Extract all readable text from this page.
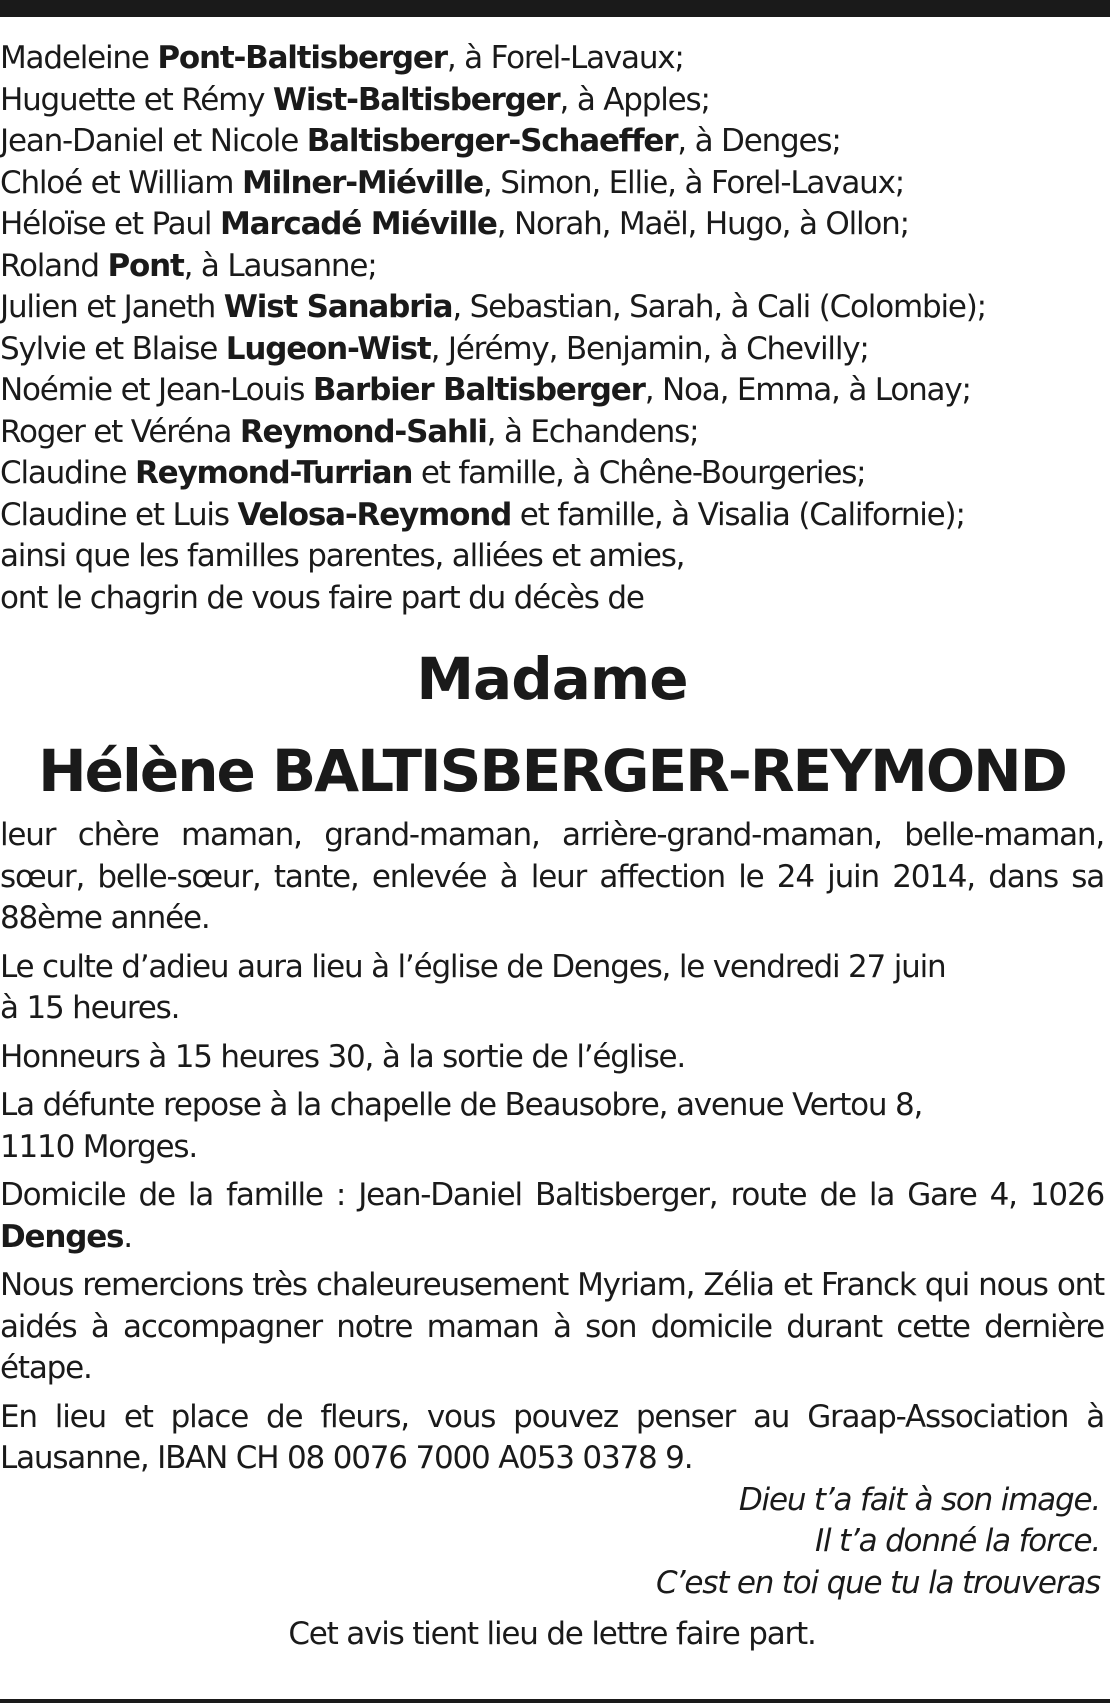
Madeleine Pont-Baltisberger, à Forel-Lavaux;
Huguette et Rémy Wist-Baltisberger, à Apples;
Jean-Daniel et Nicole Baltisberger-Schaeffer, à Denges;
Chloé et William Milner-Miéville, Simon, Ellie, à Forel-Lavaux;
Héloïse et Paul Marcadé Miéville, Norah, Maël, Hugo, à Ollon;
Roland Pont, à Lausanne;
Julien et Janeth Wist Sanabria, Sebastian, Sarah, à Cali (Colombie);
Sylvie et Blaise Lugeon-Wist, Jérémy, Benjamin, à Chevilly;
Noémie et Jean-Louis Barbier Baltisberger, Noa, Emma, à Lonay;
Roger et Véréna Reymond-Sahli, à Echandens;
Claudine Reymond-Turrian et famille, à Chêne-Bourgeries;
Claudine et Luis Velosa-Reymond et famille, à Visalia (Californie);
ainsi que les familles parentes, alliées et amies,
ont le chagrin de vous faire part du décès de
Madame
Hélène BALTISBERGER-REYMOND

leur chère maman, grand-maman, arrière-grand-maman, belle-maman, sœur, belle-sœur, tante, enlevée à leur affection le 24 juin 2014, dans sa 88ème année.

Le culte d’adieu aura lieu à l’église de Denges, le vendredi 27 juin
à 15 heures.

Honneurs à 15 heures 30, à la sortie de l’église.

La défunte repose à la chapelle de Beausobre, avenue Vertou 8,
1110 Morges.

Domicile de la famille : Jean-Daniel Baltisberger, route de la Gare 4, 1026 Denges.

Nous remercions très chaleureusement Myriam, Zélia et Franck qui nous ont aidés à accompagner notre maman à son domicile durant cette dernière étape.

En lieu et place de fleurs, vous pouvez penser au Graap-Association à Lausanne, IBAN CH 08 0076 7000 A053 0378 9.

Dieu t’a fait à son image.
Il t’a donné la force.
C’est en toi que tu la trouveras
Cet avis tient lieu de lettre faire part.
